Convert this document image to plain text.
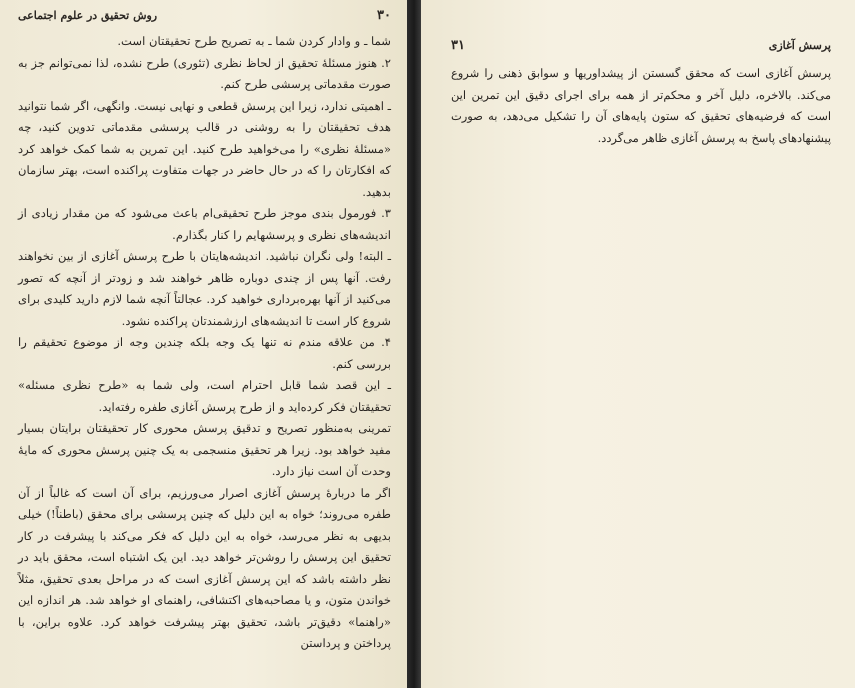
۳۰
روش تحقیق در علوم اجتماعی

شما ـ و وادار کردن شما ـ به تصریح طرح تحقیقتان است.

۲. هنوز مسئلهٔ تحقیق از لحاظ نظری (تئوری) طرح نشده، لذا نمی‌توانم جز به صورت مقدماتی پرسشی طرح کنم.

ـ اهمیتی ندارد، زیرا این پرسش قطعی و نهایی نیست. وانگهی، اگر شما نتوانید هدف تحقیقتان را به روشنی در قالب پرسشی مقدماتی تدوین کنید، چه «مسئلهٔ نظری» را می‌خواهید طرح کنید. این تمرین به شما کمک خواهد کرد که افکارتان را که در حال حاضر در جهات متفاوت پراکنده است، بهتر سازمان بدهید.

۳. فورمول بندی موجز طرح تحقیقی‌ام باعث می‌شود که من مقدار زیادی از اندیشه‌های نظری و پرسشهایم را کنار بگذارم.

ـ البته! ولی نگران نباشید. اندیشه‌هایتان با طرح پرسش آغازی از بین نخواهند رفت. آنها پس از چندی دوباره ظاهر خواهند شد و زودتر از آنچه که تصور می‌کنید از آنها بهره‌برداری خواهید کرد. عجالتاً آنچه شما لازم دارید کلیدی برای شروع کار است تا اندیشه‌های ارزشمندتان پراکنده نشود.

۴. من علاقه مندم نه تنها یک وجه بلکه چندین وجه از موضوع تحقیقم را بررسی کنم.

ـ این قصد شما قابل احترام است، ولی شما به «طرح نظری مسئله» تحقیقتان فکر کرده‌اید و از طرح پرسش آغازی طفره رفته‌اید.

تمرینی به‌منظور تصریح و تدقیق پرسش محوری کار تحقیقتان برایتان بسیار مفید خواهد بود. زیرا هر تحقیق منسجمی به یک چنین پرسش محوری که مایهٔ وحدت آن است نیاز دارد.

اگر ما دربارهٔ پرسش آغازی اصرار می‌ورزیم، برای آن است که غالباً از آن طفره می‌روند؛ خواه به این دلیل که چنین پرسشی برای محقق (باطناً!) خیلی بدیهی به نظر می‌رسد، خواه به این دلیل که فکر می‌کند با پیشرفت در کار تحقیق این پرسش را روشن‌تر خواهد دید. این یک اشتباه است، محقق باید در نظر داشته باشد که این پرسش آغازی است که در مراحل بعدی تحقیق، مثلاً خواندن متون، و یا مصاحبه‌های اکتشافی، راهنمای او خواهد شد. هر اندازه این «راهنما» دقیق‌تر باشد، تحقیق بهتر پیشرفت خواهد کرد. علاوه براین، با پرداختن و پرداستن

پرسش آغازی
۳۱

پرسش آغازی است که محقق گسستن از پیشداوریها و سوابق ذهنی را شروع می‌کند. بالاخره، دلیل آخر و محکم‌تر از همه برای اجرای دقیق این تمرین این است که فرضیه‌های تحقیق که ستون پایه‌های آن را تشکیل می‌دهد، به صورت پیشنهادهای پاسخ به پرسش آغازی ظاهر می‌گردد.
